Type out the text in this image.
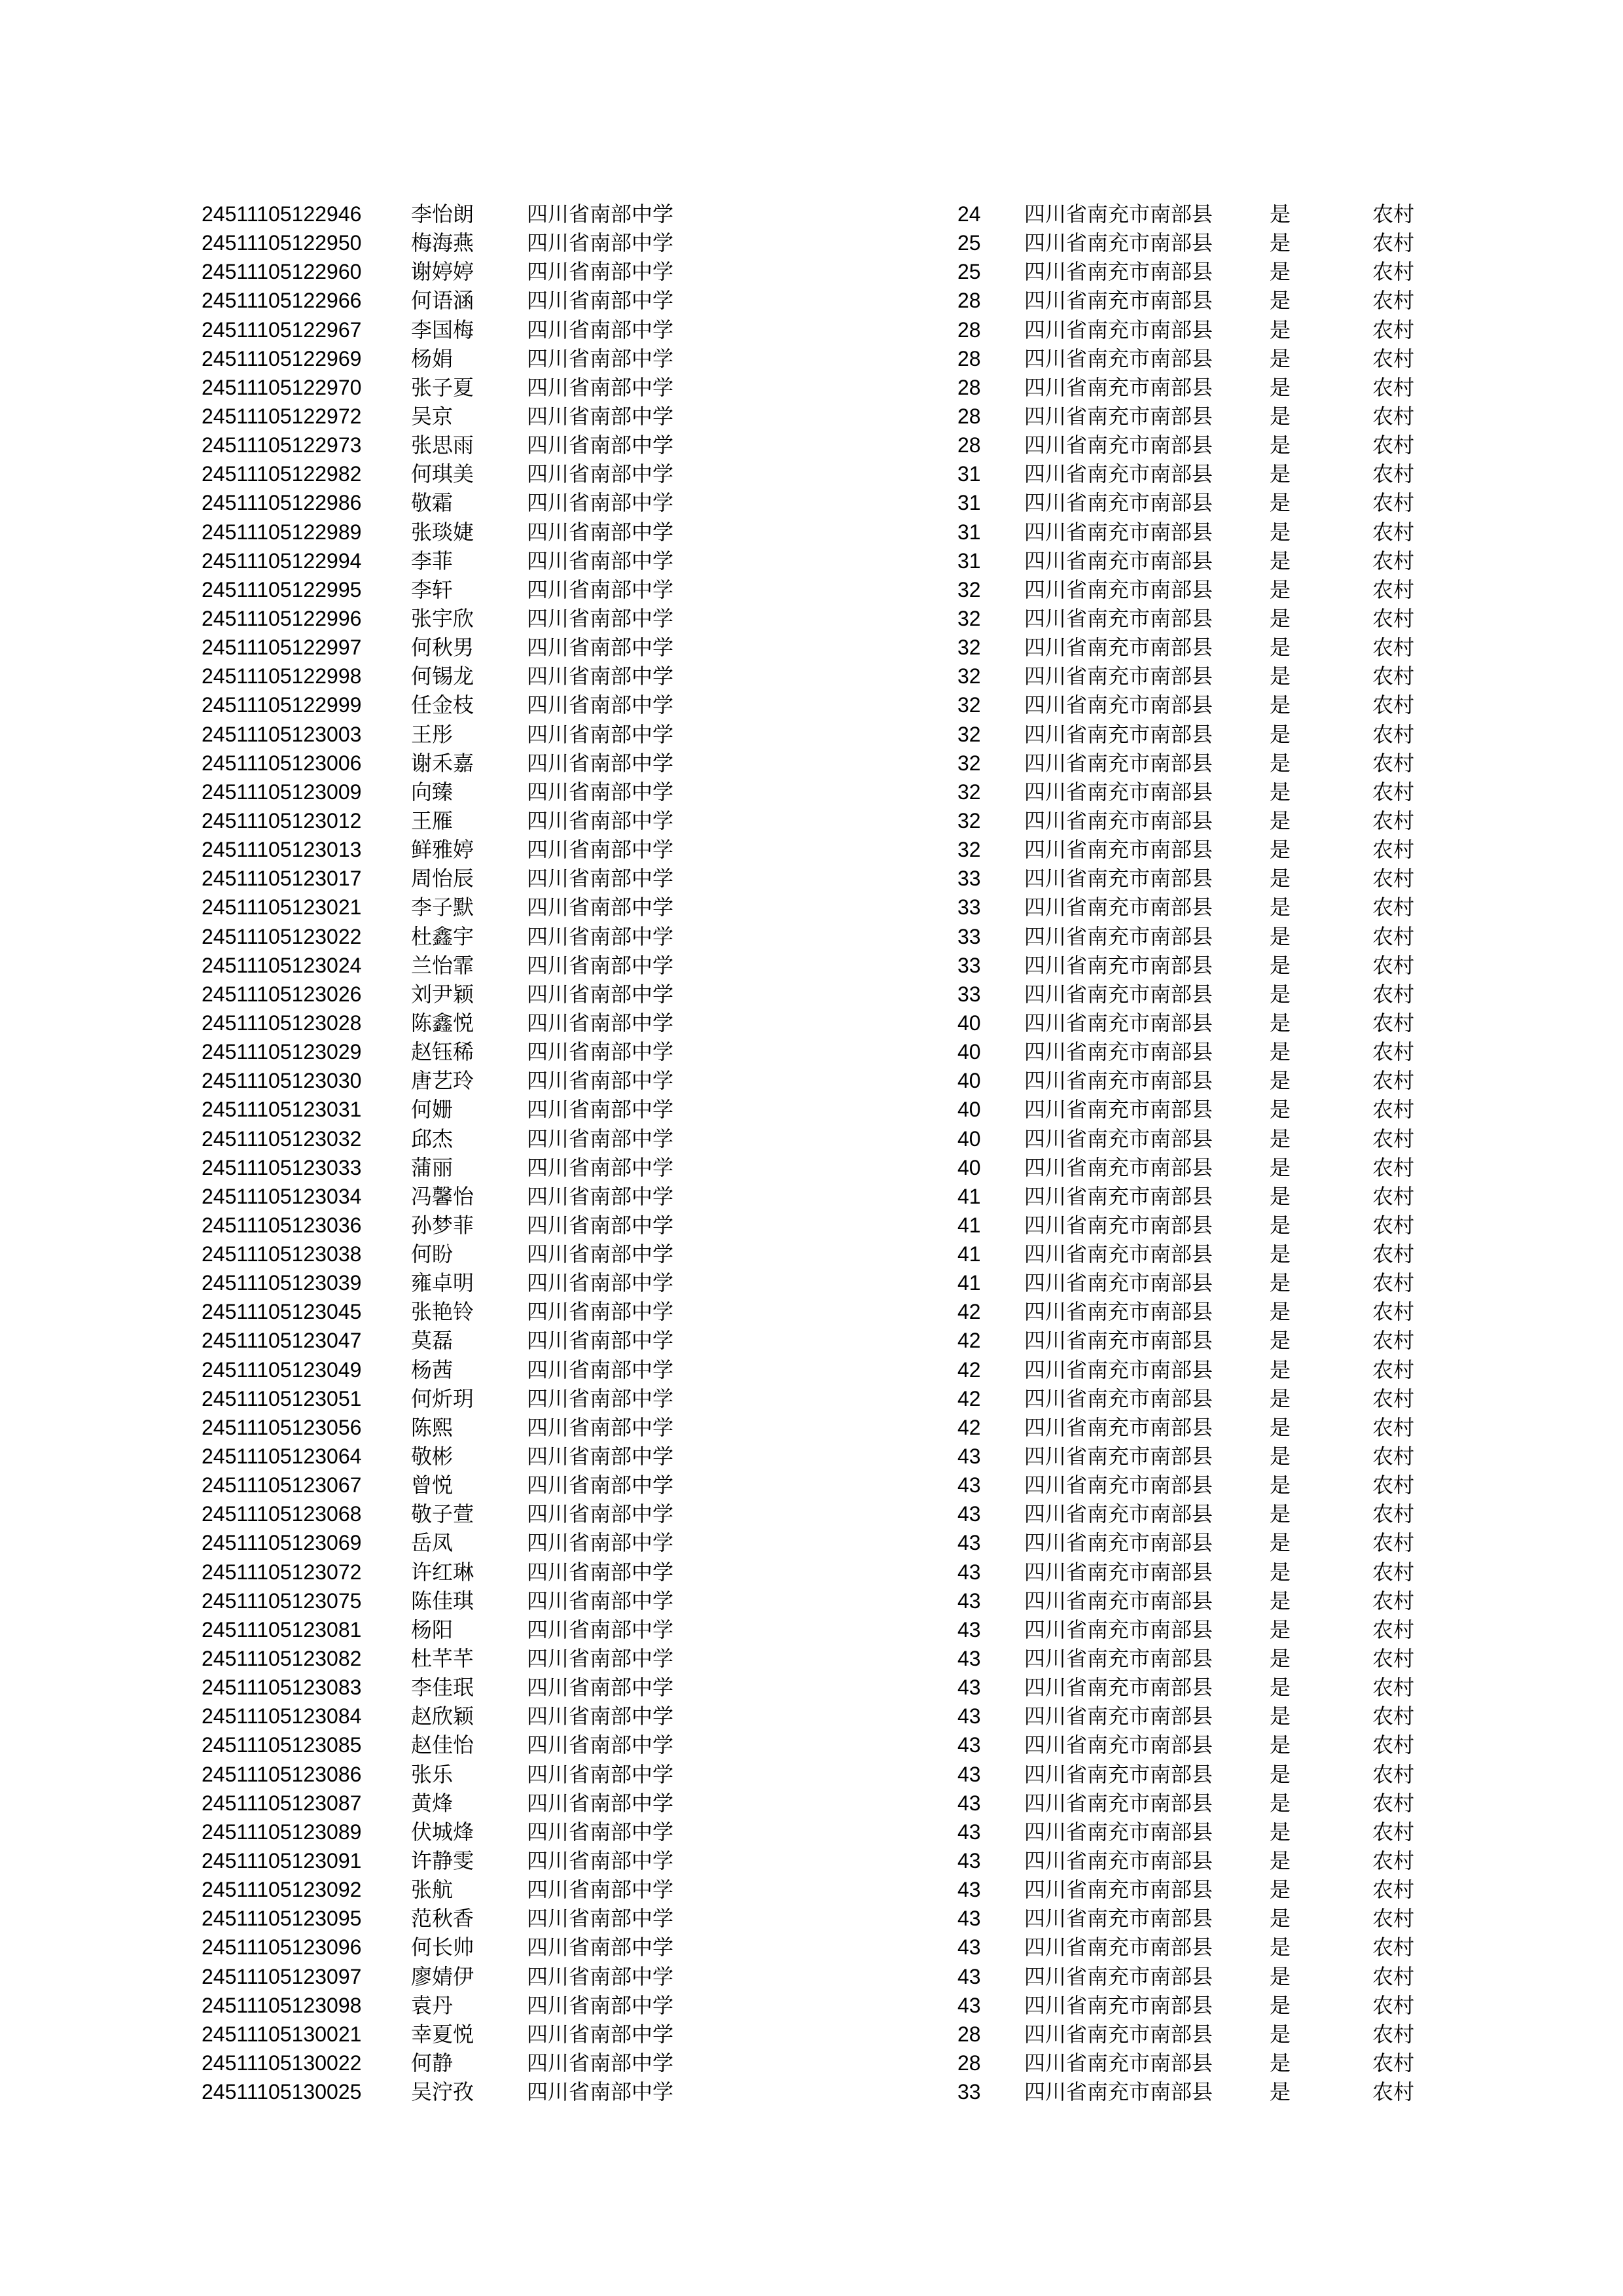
24511105122946 李怡朗	四川省南部中学	24 四川省南充市南部县	是	农村
24511105122950 梅海燕	四川省南部中学	25 四川省南充市南部县	是	农村
24511105122960 谢婷婷	四川省南部中学	25 四川省南充市南部县	是	农村
24511105122966 何语涵	四川省南部中学	28 四川省南充市南部县	是	农村
24511105122967 李国梅	四川省南部中学	28 四川省南充市南部县	是	农村
24511105122969 杨娟	四川省南部中学	28 四川省南充市南部县	是	农村
24511105122970 张子夏	四川省南部中学	28 四川省南充市南部县	是	农村
24511105122972 吴京	四川省南部中学	28 四川省南充市南部县	是	农村
24511105122973 张思雨	四川省南部中学	28 四川省南充市南部县	是	农村
24511105122982 何琪美	四川省南部中学	31 四川省南充市南部县	是	农村
24511105122986 敬霜	四川省南部中学	31 四川省南充市南部县	是	农村
24511105122989 张琰婕	四川省南部中学	31 四川省南充市南部县	是	农村
24511105122994 李菲	四川省南部中学	31 四川省南充市南部县	是	农村
24511105122995 李轩	四川省南部中学	32 四川省南充市南部县	是	农村
24511105122996 张宇欣	四川省南部中学	32 四川省南充市南部县	是	农村
24511105122997 何秋男	四川省南部中学	32 四川省南充市南部县	是	农村
24511105122998 何锡龙	四川省南部中学	32 四川省南充市南部县	是	农村
24511105122999 任金枝	四川省南部中学	32 四川省南充市南部县	是	农村
24511105123003 王彤	四川省南部中学	32 四川省南充市南部县	是	农村
24511105123006 谢禾嘉	四川省南部中学	32 四川省南充市南部县	是	农村
24511105123009 向臻	四川省南部中学	32 四川省南充市南部县	是	农村
24511105123012 王雁	四川省南部中学	32 四川省南充市南部县	是	农村
24511105123013 鲜雅婷	四川省南部中学	32 四川省南充市南部县	是	农村
24511105123017 周怡辰	四川省南部中学	33 四川省南充市南部县	是	农村
24511105123021 李子默	四川省南部中学	33 四川省南充市南部县	是	农村
24511105123022 杜鑫宇	四川省南部中学	33 四川省南充市南部县	是	农村
24511105123024 兰怡霏	四川省南部中学	33 四川省南充市南部县	是	农村
24511105123026 刘尹颖	四川省南部中学	33 四川省南充市南部县	是	农村
24511105123028 陈鑫悦	四川省南部中学	40 四川省南充市南部县	是	农村
24511105123029 赵钰稀	四川省南部中学	40 四川省南充市南部县	是	农村
24511105123030 唐艺玲	四川省南部中学	40 四川省南充市南部县	是	农村
24511105123031 何姗	四川省南部中学	40 四川省南充市南部县	是	农村
24511105123032 邱杰	四川省南部中学	40 四川省南充市南部县	是	农村
24511105123033 蒲丽	四川省南部中学	40 四川省南充市南部县	是	农村
24511105123034 冯馨怡	四川省南部中学	41 四川省南充市南部县	是	农村
24511105123036 孙梦菲	四川省南部中学	41 四川省南充市南部县	是	农村
24511105123038 何盼	四川省南部中学	41 四川省南充市南部县	是	农村
24511105123039 雍卓明	四川省南部中学	41 四川省南充市南部县	是	农村
24511105123045 张艳铃	四川省南部中学	42 四川省南充市南部县	是	农村
24511105123047 莫磊	四川省南部中学	42 四川省南充市南部县	是	农村
24511105123049 杨茜	四川省南部中学	42 四川省南充市南部县	是	农村
24511105123051 何炘玥	四川省南部中学	42 四川省南充市南部县	是	农村
24511105123056 陈熙	四川省南部中学	42 四川省南充市南部县	是	农村
24511105123064 敬彬	四川省南部中学	43 四川省南充市南部县	是	农村
24511105123067 曾悦	四川省南部中学	43 四川省南充市南部县	是	农村
24511105123068 敬子萱	四川省南部中学	43 四川省南充市南部县	是	农村
24511105123069 岳凤	四川省南部中学	43 四川省南充市南部县	是	农村
24511105123072 许红琳	四川省南部中学	43 四川省南充市南部县	是	农村
24511105123075 陈佳琪	四川省南部中学	43 四川省南充市南部县	是	农村
24511105123081 杨阳	四川省南部中学	43 四川省南充市南部县	是	农村
24511105123082 杜芊芊	四川省南部中学	43 四川省南充市南部县	是	农村
24511105123083 李佳珉	四川省南部中学	43 四川省南充市南部县	是	农村
24511105123084 赵欣颖	四川省南部中学	43 四川省南充市南部县	是	农村
24511105123085 赵佳怡	四川省南部中学	43 四川省南充市南部县	是	农村
24511105123086 张乐	四川省南部中学	43 四川省南充市南部县	是	农村
24511105123087 黄烽	四川省南部中学	43 四川省南充市南部县	是	农村
24511105123089 伏城烽	四川省南部中学	43 四川省南充市南部县	是	农村
24511105123091 许静雯	四川省南部中学	43 四川省南充市南部县	是	农村
24511105123092 张航	四川省南部中学	43 四川省南充市南部县	是	农村
24511105123095 范秋香	四川省南部中学	43 四川省南充市南部县	是	农村
24511105123096 何长帅	四川省南部中学	43 四川省南充市南部县	是	农村
24511105123097 廖婧伊	四川省南部中学	43 四川省南充市南部县	是	农村
24511105123098 袁丹	四川省南部中学	43 四川省南充市南部县	是	农村
24511105130021 幸夏悦	四川省南部中学	28 四川省南充市南部县	是	农村
24511105130022 何静	四川省南部中学	28 四川省南充市南部县	是	农村
24511105130025 吴泞孜	四川省南部中学	33 四川省南充市南部县	是	农村
